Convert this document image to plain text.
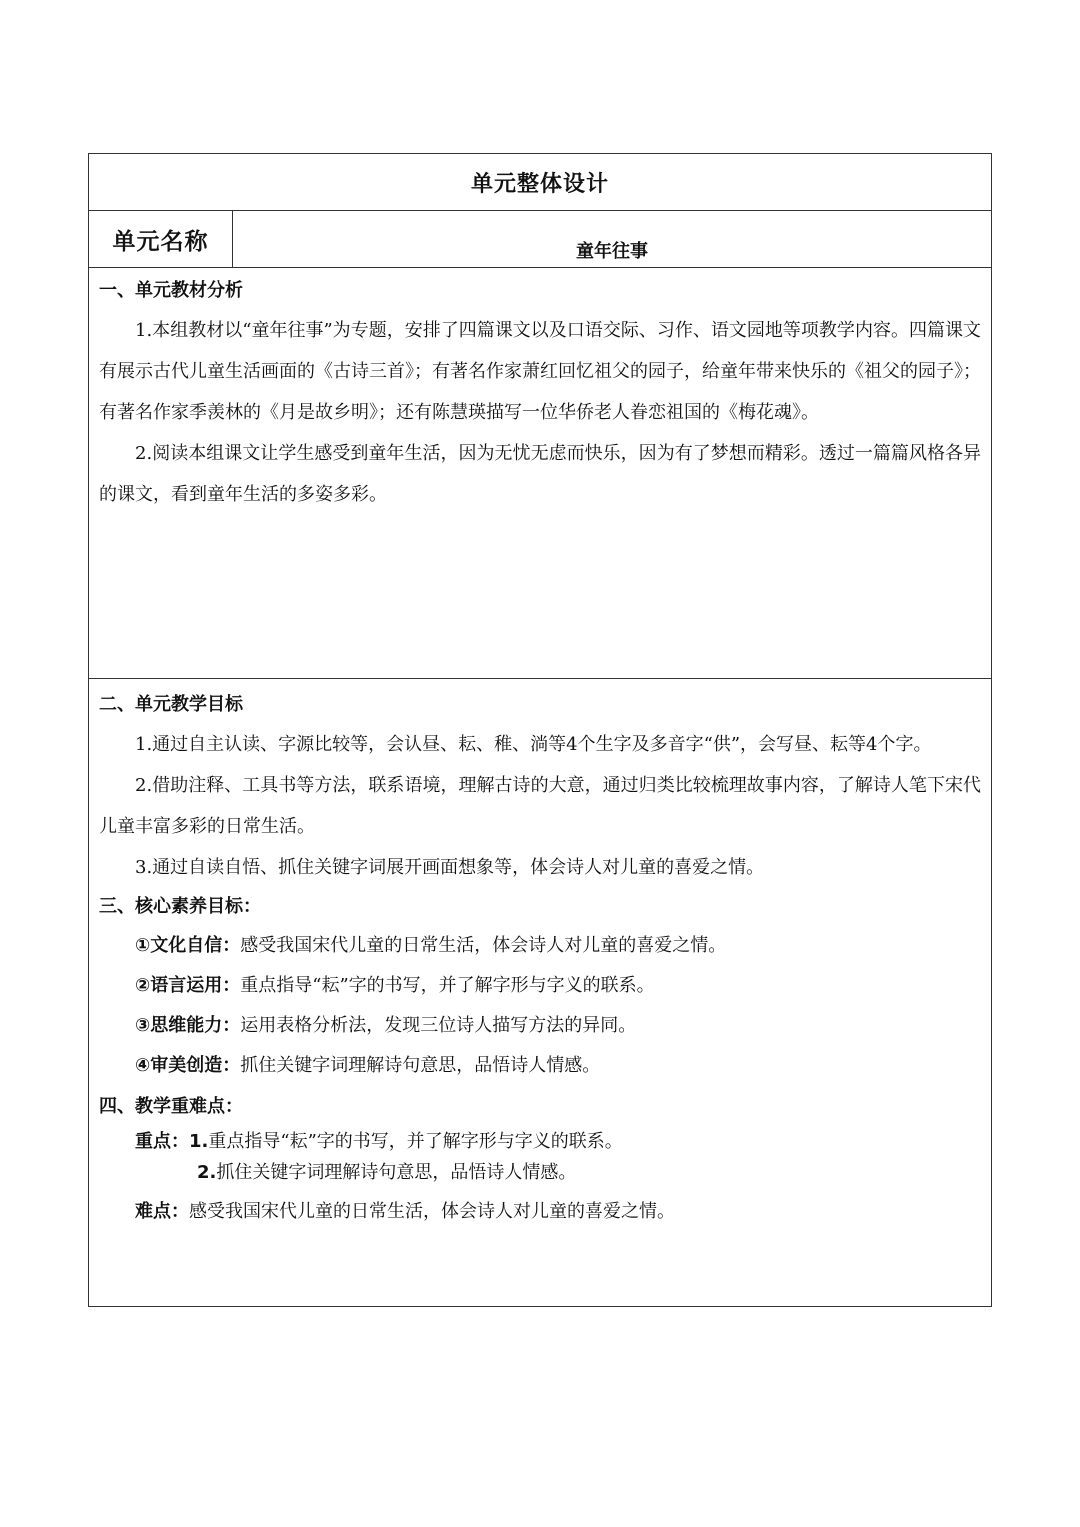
单元整体设计
单元名称	童年往事

一、单元教材分析

1.本组教材以“童年往事”为专题，安排了四篇课文以及口语交际、习作、语文园地等项教学内容。四篇课文有展示古代儿童生活画面的《古诗三首》；有著名作家萧红回忆祖父的园子，给童年带来快乐的《祖父的园子》；有著名作家季羡林的《月是故乡明》；还有陈慧瑛描写一位华侨老人眷恋祖国的《梅花魂》。

2.阅读本组课文让学生感受到童年生活，因为无忧无虑而快乐，因为有了梦想而精彩。透过一篇篇风格各异的课文，看到童年生活的多姿多彩。

二、单元教学目标

1.通过自主认读、字源比较等，会认昼、耘、稚、淌等4个生字及多音字“供”，会写昼、耘等4个字。

2.借助注释、工具书等方法，联系语境，理解古诗的大意，通过归类比较梳理故事内容，了解诗人笔下宋代儿童丰富多彩的日常生活。

3.通过自读自悟、抓住关键字词展开画面想象等，体会诗人对儿童的喜爱之情。

三、核心素养目标：

①文化自信：感受我国宋代儿童的日常生活，体会诗人对儿童的喜爱之情。

②语言运用：重点指导“耘”字的书写，并了解字形与字义的联系。

③思维能力：运用表格分析法，发现三位诗人描写方法的异同。

④审美创造：抓住关键字词理解诗句意思，品悟诗人情感。

四、教学重难点：

重点：1.重点指导“耘”字的书写，并了解字形与字义的联系。
2.抓住关键字词理解诗句意思，品悟诗人情感。
难点：感受我国宋代儿童的日常生活，体会诗人对儿童的喜爱之情。
